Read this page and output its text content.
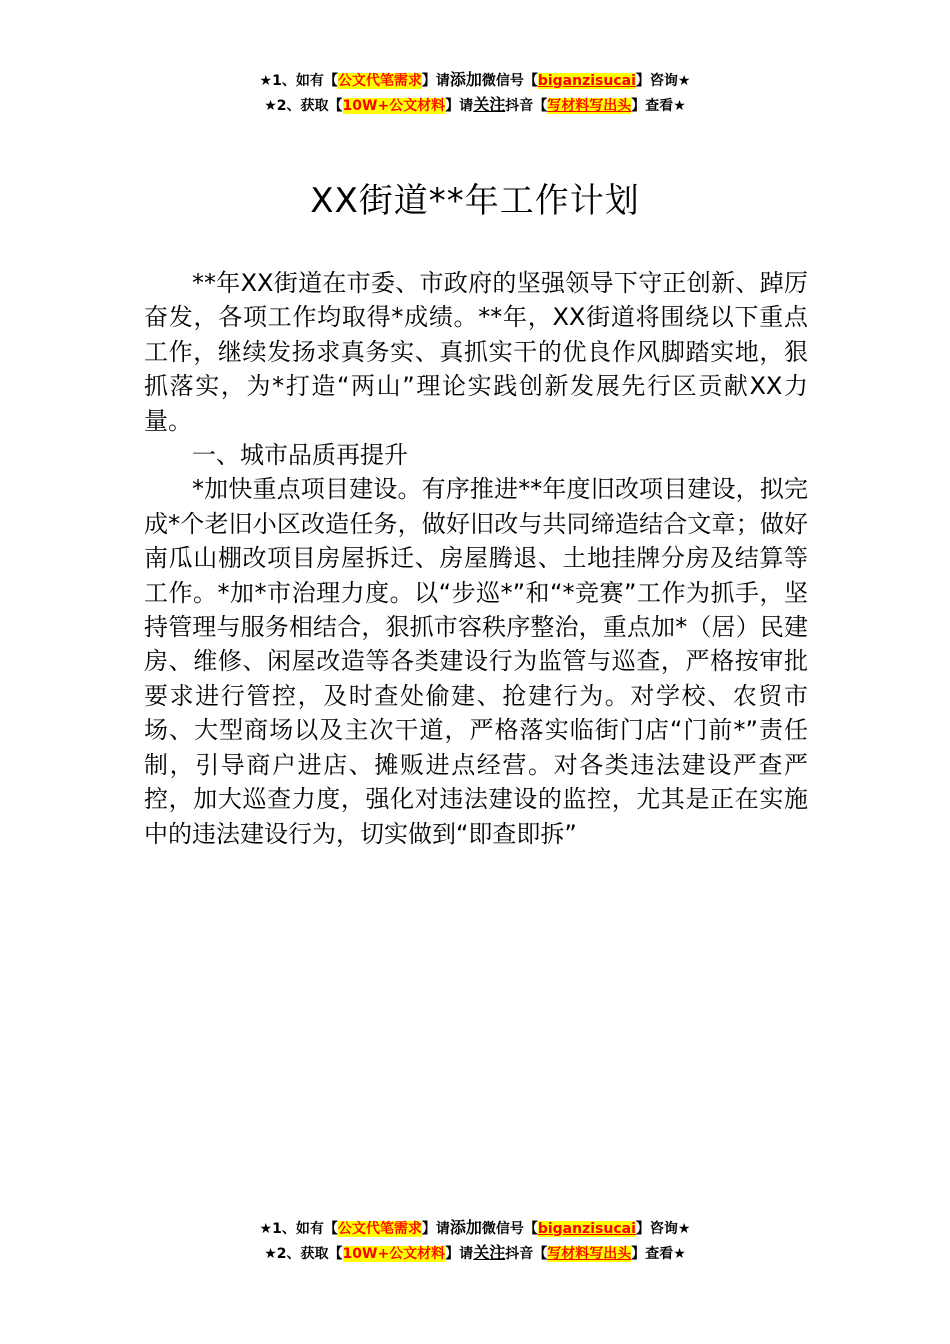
★1、如有【公文代笔需求】请添加微信号【biganzisucai】咨询★
★2、获取【10W+公文材料】请关注抖音【写材料写出头】查看★
XX街道**年工作计划

**年XX街道在市委、市政府的坚强领导下守正创新、踔厉奋发，各项工作均取得*成绩。**年，XX街道将围绕以下重点工作，继续发扬求真务实、真抓实干的优良作风脚踏实地，狠抓落实，为*打造“两山”理论实践创新发展先行区贡献XX力量。

一、城市品质再提升

*加快重点项目建设。有序推进**年度旧改项目建设，拟完成*个老旧小区改造任务，做好旧改与共同缔造结合文章；做好南瓜山棚改项目房屋拆迁、房屋腾退、土地挂牌分房及结算等工作。*加*市治理力度。以“步巡*”和“*竞赛”工作为抓手，坚持管理与服务相结合，狠抓市容秩序整治，重点加*（居）民建房、维修、闲屋改造等各类建设行为监管与巡查，严格按审批要求进行管控，及时查处偷建、抢建行为。对学校、农贸市场、大型商场以及主次干道，严格落实临街门店“门前*”责任制，引导商户进店、摊贩进点经营。对各类违法建设严查严控，加大巡查力度，强化对违法建设的监控，尤其是正在实施中的违法建设行为，切实做到“即查即拆”

★1、如有【公文代笔需求】请添加微信号【biganzisucai】咨询★
★2、获取【10W+公文材料】请关注抖音【写材料写出头】查看★
